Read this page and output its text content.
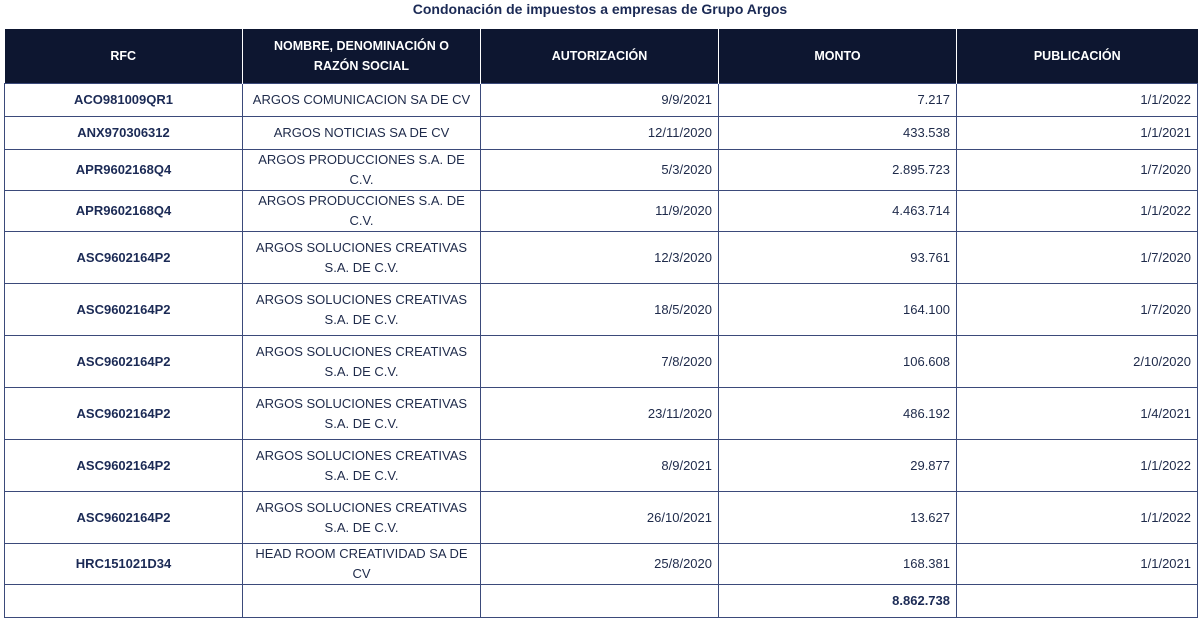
Condonación de impuestos a empresas de Grupo Argos
RFC	NOMBRE, DENOMINACIÓN O RAZÓN SOCIAL	AUTORIZACIÓN	MONTO	PUBLICACIÓN
ACO981009QR1	ARGOS COMUNICACION SA DE CV	9/9/2021	7.217	1/1/2022
ANX970306312	ARGOS NOTICIAS SA DE CV	12/11/2020	433.538	1/1/2021
APR9602168Q4	ARGOS PRODUCCIONES S.A. DE C.V.	5/3/2020	2.895.723	1/7/2020
APR9602168Q4	ARGOS PRODUCCIONES S.A. DE C.V.	11/9/2020	4.463.714	1/1/2022
ASC9602164P2	ARGOS SOLUCIONES CREATIVAS S.A. DE C.V.	12/3/2020	93.761	1/7/2020
ASC9602164P2	ARGOS SOLUCIONES CREATIVAS S.A. DE C.V.	18/5/2020	164.100	1/7/2020
ASC9602164P2	ARGOS SOLUCIONES CREATIVAS S.A. DE C.V.	7/8/2020	106.608	2/10/2020
ASC9602164P2	ARGOS SOLUCIONES CREATIVAS S.A. DE C.V.	23/11/2020	486.192	1/4/2021
ASC9602164P2	ARGOS SOLUCIONES CREATIVAS S.A. DE C.V.	8/9/2021	29.877	1/1/2022
ASC9602164P2	ARGOS SOLUCIONES CREATIVAS S.A. DE C.V.	26/10/2021	13.627	1/1/2022
HRC151021D34	HEAD ROOM CREATIVIDAD SA DE CV	25/8/2020	168.381	1/1/2021
			8.862.738	
